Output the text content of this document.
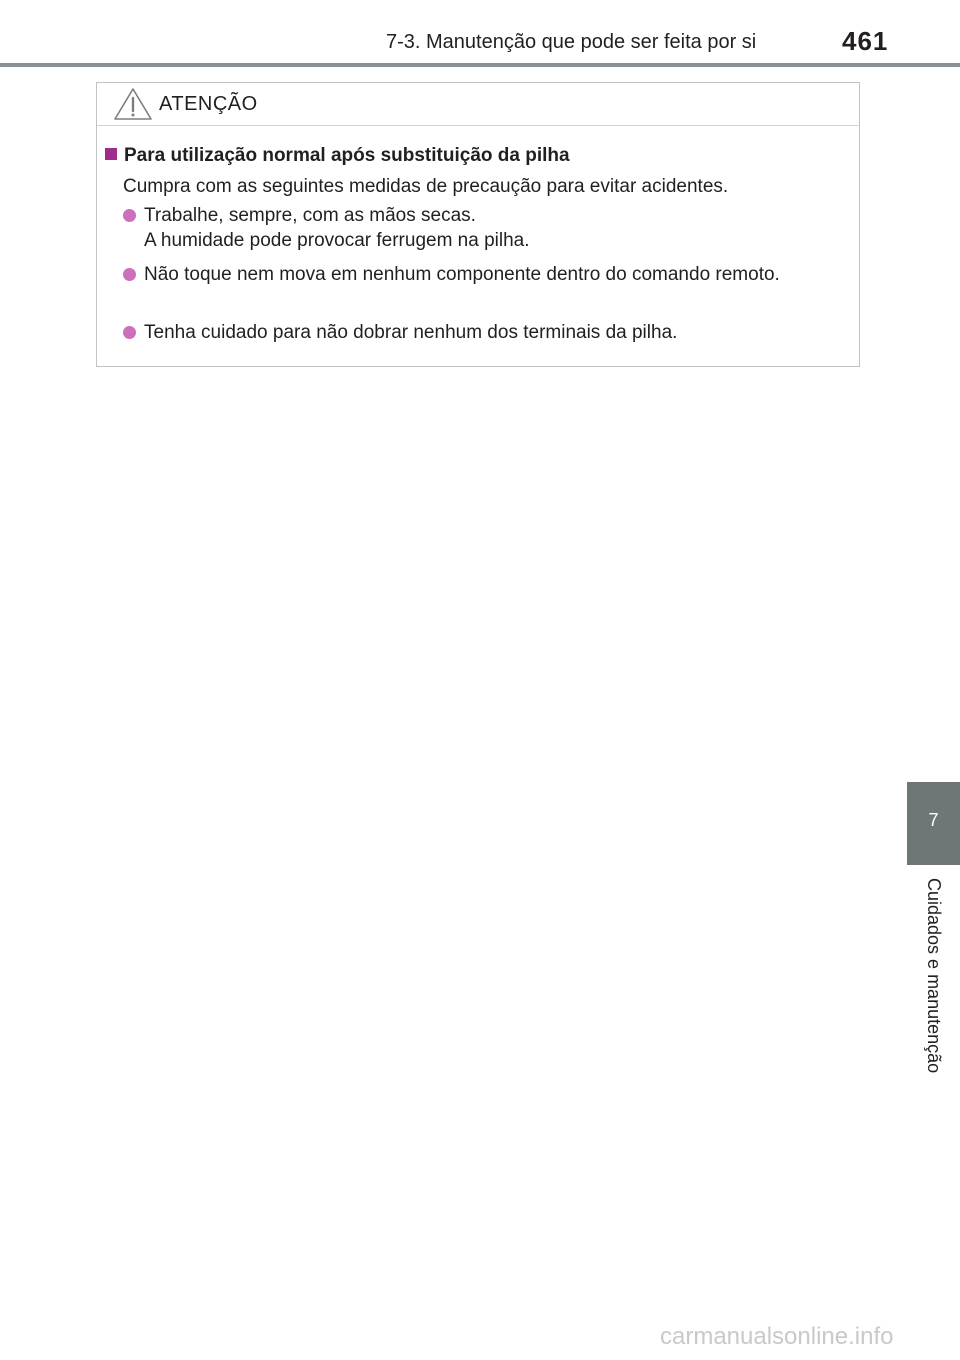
7-3. Manutenção que pode ser feita por si	461
ATENÇÃO
Para utilização normal após substituição da pilha
Cumpra com as seguintes medidas de precaução para evitar acidentes.
Trabalhe, sempre, com as mãos secas.
A humidade pode provocar ferrugem na pilha.
Não toque nem mova em nenhum componente dentro do comando remoto.
Tenha cuidado para não dobrar nenhum dos terminais da pilha.
7
Cuidados e manutenção
carmanualsonline.info
